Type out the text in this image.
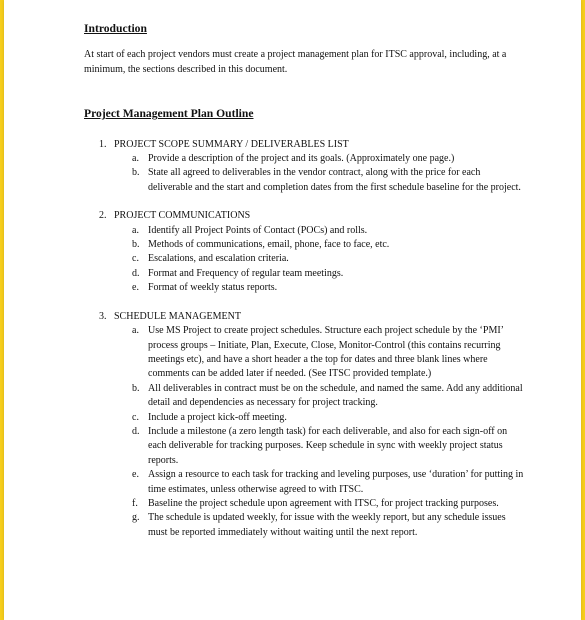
Introduction
At start of each project vendors must create a project management plan for ITSC approval, including, at a minimum, the sections described in this document.
Project Management Plan Outline
1. PROJECT SCOPE SUMMARY / DELIVERABLES LIST
a. Provide a description of the project and its goals. (Approximately one page.)
b. State all agreed to deliverables in the vendor contract, along with the price for each deliverable and the start and completion dates from the first schedule baseline for the project.
2. PROJECT COMMUNICATIONS
a. Identify all Project Points of Contact (POCs) and rolls.
b. Methods of communications, email, phone, face to face, etc.
c. Escalations, and escalation criteria.
d. Format and Frequency of regular team meetings.
e. Format of weekly status reports.
3. SCHEDULE MANAGEMENT
a. Use MS Project to create project schedules. Structure each project schedule by the ‘PMI’ process groups – Initiate, Plan, Execute, Close, Monitor-Control (this contains recurring meetings etc), and have a short header a the top for dates and three blank lines where comments can be added later if needed. (See ITSC provided template.)
b. All deliverables in contract must be on the schedule, and named the same. Add any additional detail and dependencies as necessary for project tracking.
c. Include a project kick-off meeting.
d. Include a milestone (a zero length task) for each deliverable, and also for each sign-off on each deliverable for tracking purposes. Keep schedule in sync with weekly project status reports.
e. Assign a resource to each task for tracking and leveling purposes, use ‘duration’ for putting in time estimates, unless otherwise agreed to with ITSC.
f. Baseline the project schedule upon agreement with ITSC, for project tracking purposes.
g. The schedule is updated weekly, for issue with the weekly report, but any schedule issues must be reported immediately without waiting until the next report.
